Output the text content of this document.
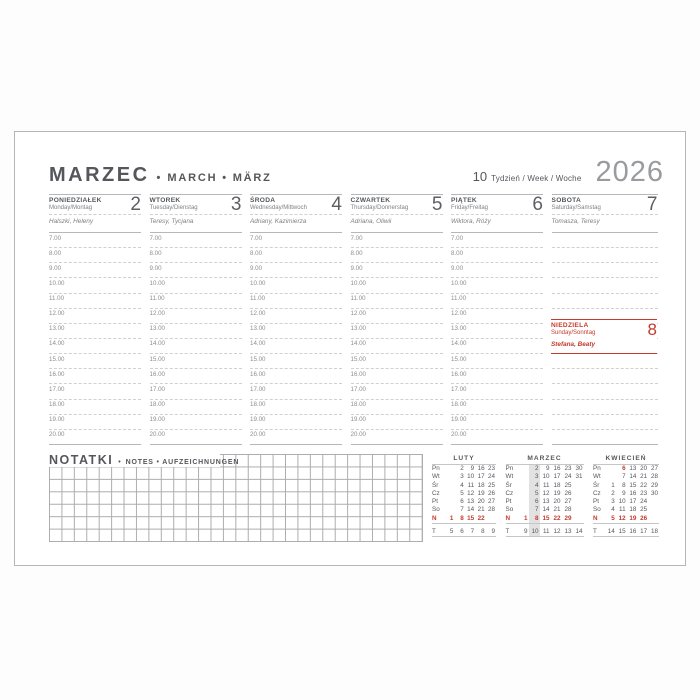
MARZEC • MARCH • MÄRZ	10 Tydzień / Week / Woche 2026
PONIEDZIAŁEK
Monday/Montag	2
Halszki, Heleny
7.00
8.00
9.00
10.00
11.00
12.00
13.00
14.00
15.00
16.00
17.00
18.00
19.00
20.00
WTOREK
Tuesday/Dienstag 3
Teresy, Tycjana
7.00
8.00
9.00
10.00
11.00
12.00
13.00
14.00
15.00
16.00
17.00
18.00
19.00
20.00
ŚRODA
Wednesday/Mittwoch 4
Adriany, Kazimierza
7.00
8.00
9.00
10.00
11.00
12.00
13.00
14.00
15.00
16.00
17.00
18.00
19.00
20.00
CZWARTEK
Thursday/Donnerstag 5
Adriana, Oliwii
7.00
8.00
9.00
10.00
11.00
12.00
13.00
14.00
15.00
16.00
17.00
18.00
19.00
20.00
PIĄTEK
Friday/Freitag 6
Wiktora, Róży
7.00
8.00
9.00
10.00
11.00
12.00
13.00
14.00
15.00
16.00
17.00
18.00
19.00
20.00
SOBOTA
Saturday/Samstag 7
Tomasza, Teresy
NIEDZIELA
Sunday/Sonntag	8
Stefana, Beaty
NOTATKI • NOTES • AUFZEICHNUNGEN
LUTY
Pn	2	9 16 23
Wt	3 10 17 24
Śr	4 11 18 25
Cz	5 12 19 26
Pt	6 13 20 27
So	7 14 21 28
N	1	8 15 22
T	5	6	7	8	9
MARZEC
Pn	2	9 16 23 30
Wt	3 10 17 24 31
Śr	4 11 18 25
Cz	5 12 19 26
Pt	6 13 20 27
So	7 14 21 28
N	1	8 15 22 29
T	9 10 11 12 13 14
KWIECIEŃ
Pn	6 13 20 27
Wt	7 14 21 28
Śr	1	8 15 22 29
Cz	2	9 16 23 30
Pt	3 10 17 24
So	4 11 18 25
N	5 12 19 26
T	14 15 16 17 18
